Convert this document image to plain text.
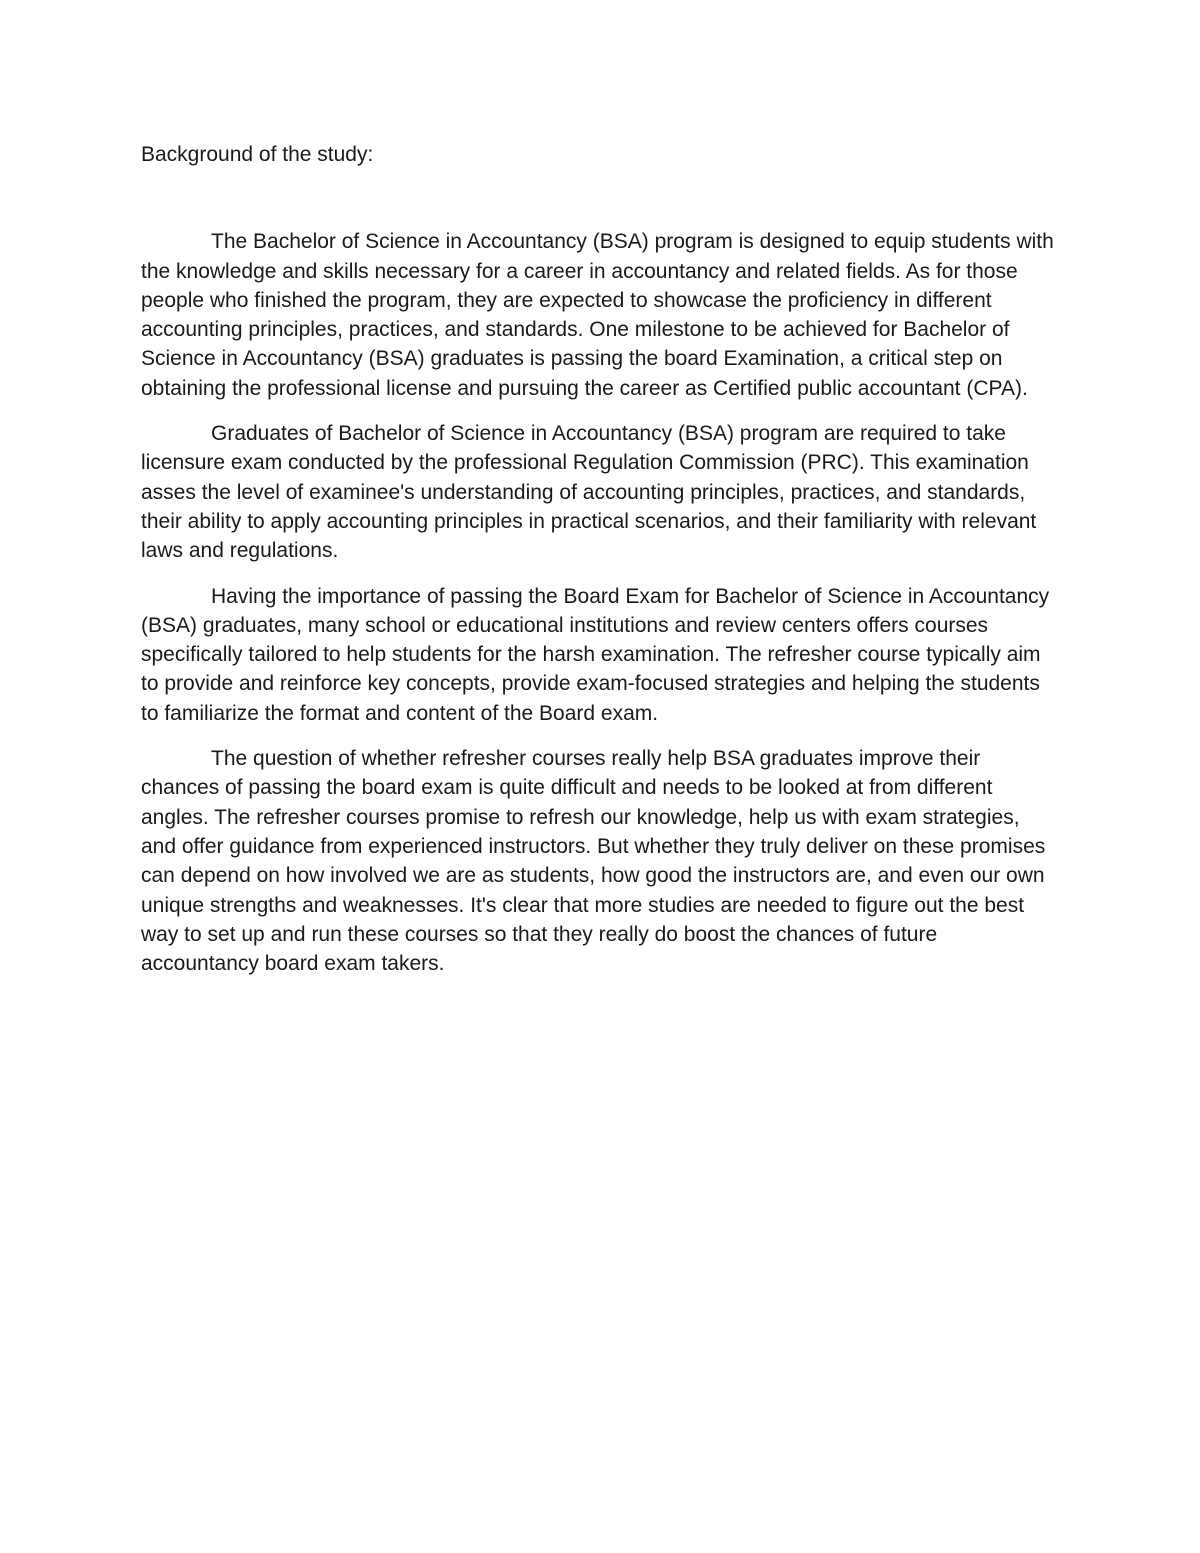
Background of the study:

The Bachelor of Science in Accountancy (BSA) program is designed to equip students with the knowledge and skills necessary for a career in accountancy and related fields. As for those people who finished the program, they are expected to showcase the proficiency in different accounting principles, practices, and standards. One milestone to be achieved for Bachelor of Science in Accountancy (BSA) graduates is passing the board Examination, a critical step on obtaining the professional license and pursuing the career as Certified public accountant (CPA).

Graduates of Bachelor of Science in Accountancy (BSA) program are required to take licensure exam conducted by the professional Regulation Commission (PRC). This examination asses the level of examinee's understanding of accounting principles, practices, and standards, their ability to apply accounting principles in practical scenarios, and their familiarity with relevant laws and regulations.

Having the importance of passing the Board Exam for Bachelor of Science in Accountancy (BSA) graduates, many school or educational institutions and review centers offers courses specifically tailored to help students for the harsh examination. The refresher course typically aim to provide and reinforce key concepts, provide exam-focused strategies and helping the students to familiarize the format and content of the Board exam.

The question of whether refresher courses really help BSA graduates improve their chances of passing the board exam is quite difficult and needs to be looked at from different angles. The refresher courses promise to refresh our knowledge, help us with exam strategies, and offer guidance from experienced instructors. But whether they truly deliver on these promises can depend on how involved we are as students, how good the instructors are, and even our own unique strengths and weaknesses. It's clear that more studies are needed to figure out the best way to set up and run these courses so that they really do boost the chances of future accountancy board exam takers.
